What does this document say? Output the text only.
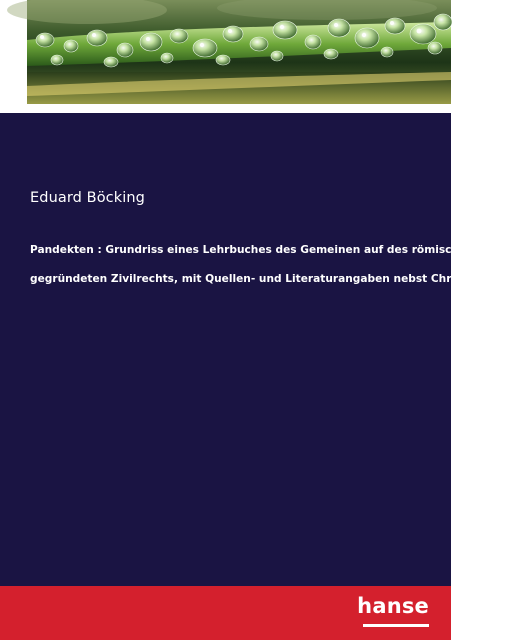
Eduard Böcking
Pandekten : Grundriss eines Lehrbuches des Gemeinen auf des römische Recht
gegründeten Zivilrechts, mit Quellen- und Literaturangaben nebst Chrestomathie
hanse
